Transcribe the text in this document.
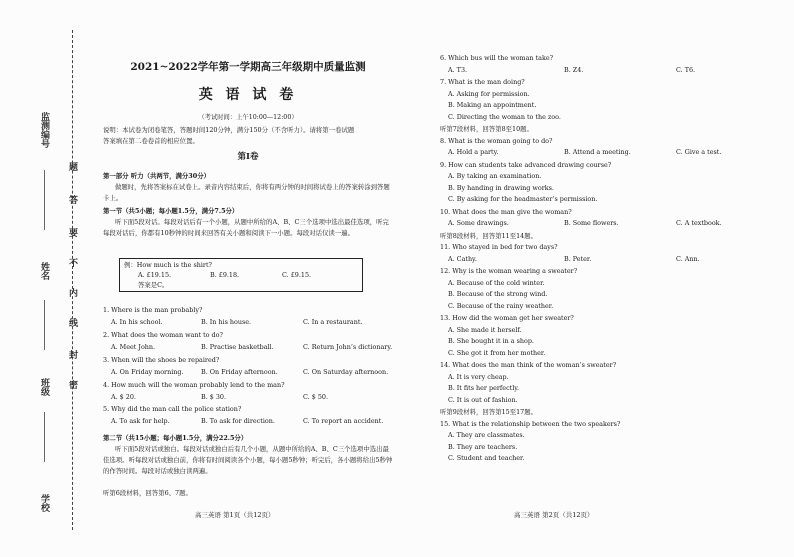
监测编号
题
答
要
不
内
线
封
密
姓名
班级
学校
2021~2022学年第一学期高三年级期中质量监测
英 语 试 卷
（考试时间：上午10:00—12:00）
说明：本试卷为闭卷笔答，答题时间120分钟，满分150分（不含听力）。请将第一卷试题
答案填在第二卷卷首的相应位置。
第Ⅰ卷
第一部分 听力（共两节，满分30分）
做题时，先将答案标在试卷上。录音内容结束后，你将有两分钟的时间将试卷上的答案转涂到答题卡上。
第一节（共5小题；每小题1.5分，满分7.5分）
听下面5段对话。每段对话后有一个小题，从题中所给的A、B、C三个选项中选出最佳选项，听完每段对话后，你都有10秒钟的时间来回答有关小题和阅读下一小题。每段对话仅读一遍。
例：How much is the shirt?
A. £19.15.	B. £9.18.	C. £9.15.
答案是C。
1. Where is the man probably?
A. In his school.	B. In his house.	C. In a restaurant.
2. What does the woman want to do?
A. Meet John.	B. Practise basketball.	C. Return John’s dictionary.
3. When will the shoes be repaired?
A. On Friday morning.	B. On Friday afternoon.	C. On Saturday afternoon.
4. How much will the woman probably lend to the man?
A. $ 20.	B. $ 30.	C. $ 50.
5. Why did the man call the police station?
A. To ask for help.	B. To ask for direction.	C. To report an accident.
第二节（共15小题；每小题1.5分，满分22.5分）
听下面5段对话或独白。每段对话或独白后有几个小题，从题中所给的A、B、C三个选项中选出最佳选项。听每段对话或独白前，你将有时间阅读各个小题，每小题5秒钟；听完后，各小题将给出5秒钟的作答时间。每段对话或独白读两遍。
听第6段材料，回答第6、7题。
高三英语 第1页（共12页）
6. Which bus will the woman take?
A. T3.	B. Z4.	C. T6.
7. What is the man doing?
A. Asking for permission.
B. Making an appointment.
C. Directing the woman to the zoo.
听第7段材料，回答第8至10题。
8. What is the woman going to do?
A. Hold a party.	B. Attend a meeting.	C. Give a test.
9. How can students take advanced drawing course?
A. By taking an examination.
B. By handing in drawing works.
C. By asking for the headmaster’s permission.
10. What does the man give the woman?
A. Some drawings.	B. Some flowers.	C. A textbook.
听第8段材料，回答第11至14题。
11. Who stayed in bed for two days?
A. Cathy.	B. Peter.	C. Ann.
12. Why is the woman wearing a sweater?
A. Because of the cold winter.
B. Because of the strong wind.
C. Because of the rainy weather.
13. How did the woman get her sweater?
A. She made it herself.
B. She bought it in a shop.
C. She got it from her mother.
14. What does the man think of the woman’s sweater?
A. It is very cheap.
B. It fits her perfectly.
C. It is out of fashion.
听第9段材料，回答第15至17题。
15. What is the relationship between the two speakers?
A. They are classmates.
B. They are teachers.
C. Student and teacher.
高三英语 第2页（共12页）
